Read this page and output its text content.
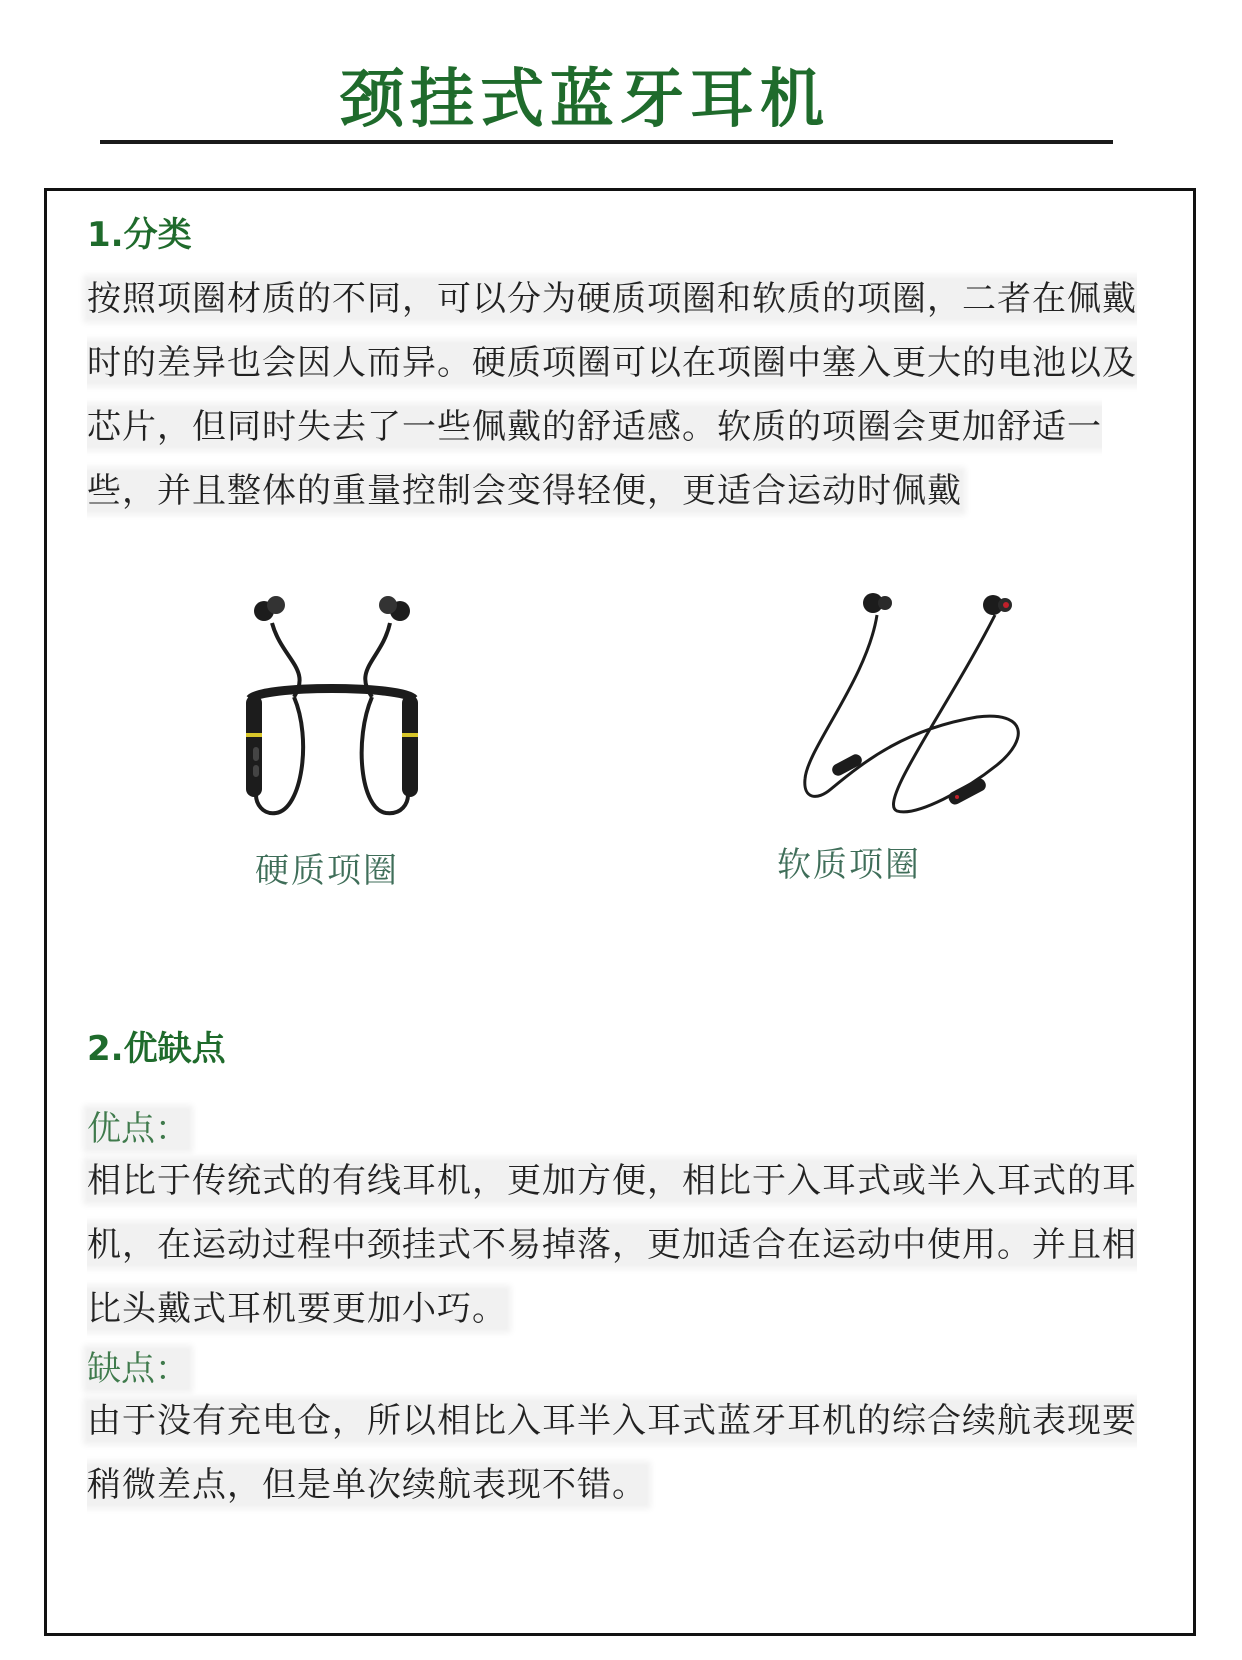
颈挂式蓝牙耳机
1.分类
按照项圈材质的不同，可以分为硬质项圈和软质的项圈，二者在佩戴时的差异也会因人而异。硬质项圈可以在项圈中塞入更大的电池以及芯片，但同时失去了一些佩戴的舒适感。软质的项圈会更加舒适一些，并且整体的重量控制会变得轻便，更适合运动时佩戴
硬质项圈	软质项圈
2.优缺点
优点：
相比于传统式的有线耳机，更加方便，相比于入耳式或半入耳式的耳机，在运动过程中颈挂式不易掉落，更加适合在运动中使用。并且相比头戴式耳机要更加小巧。
缺点：
由于没有充电仓，所以相比入耳半入耳式蓝牙耳机的综合续航表现要稍微差点，但是单次续航表现不错。
